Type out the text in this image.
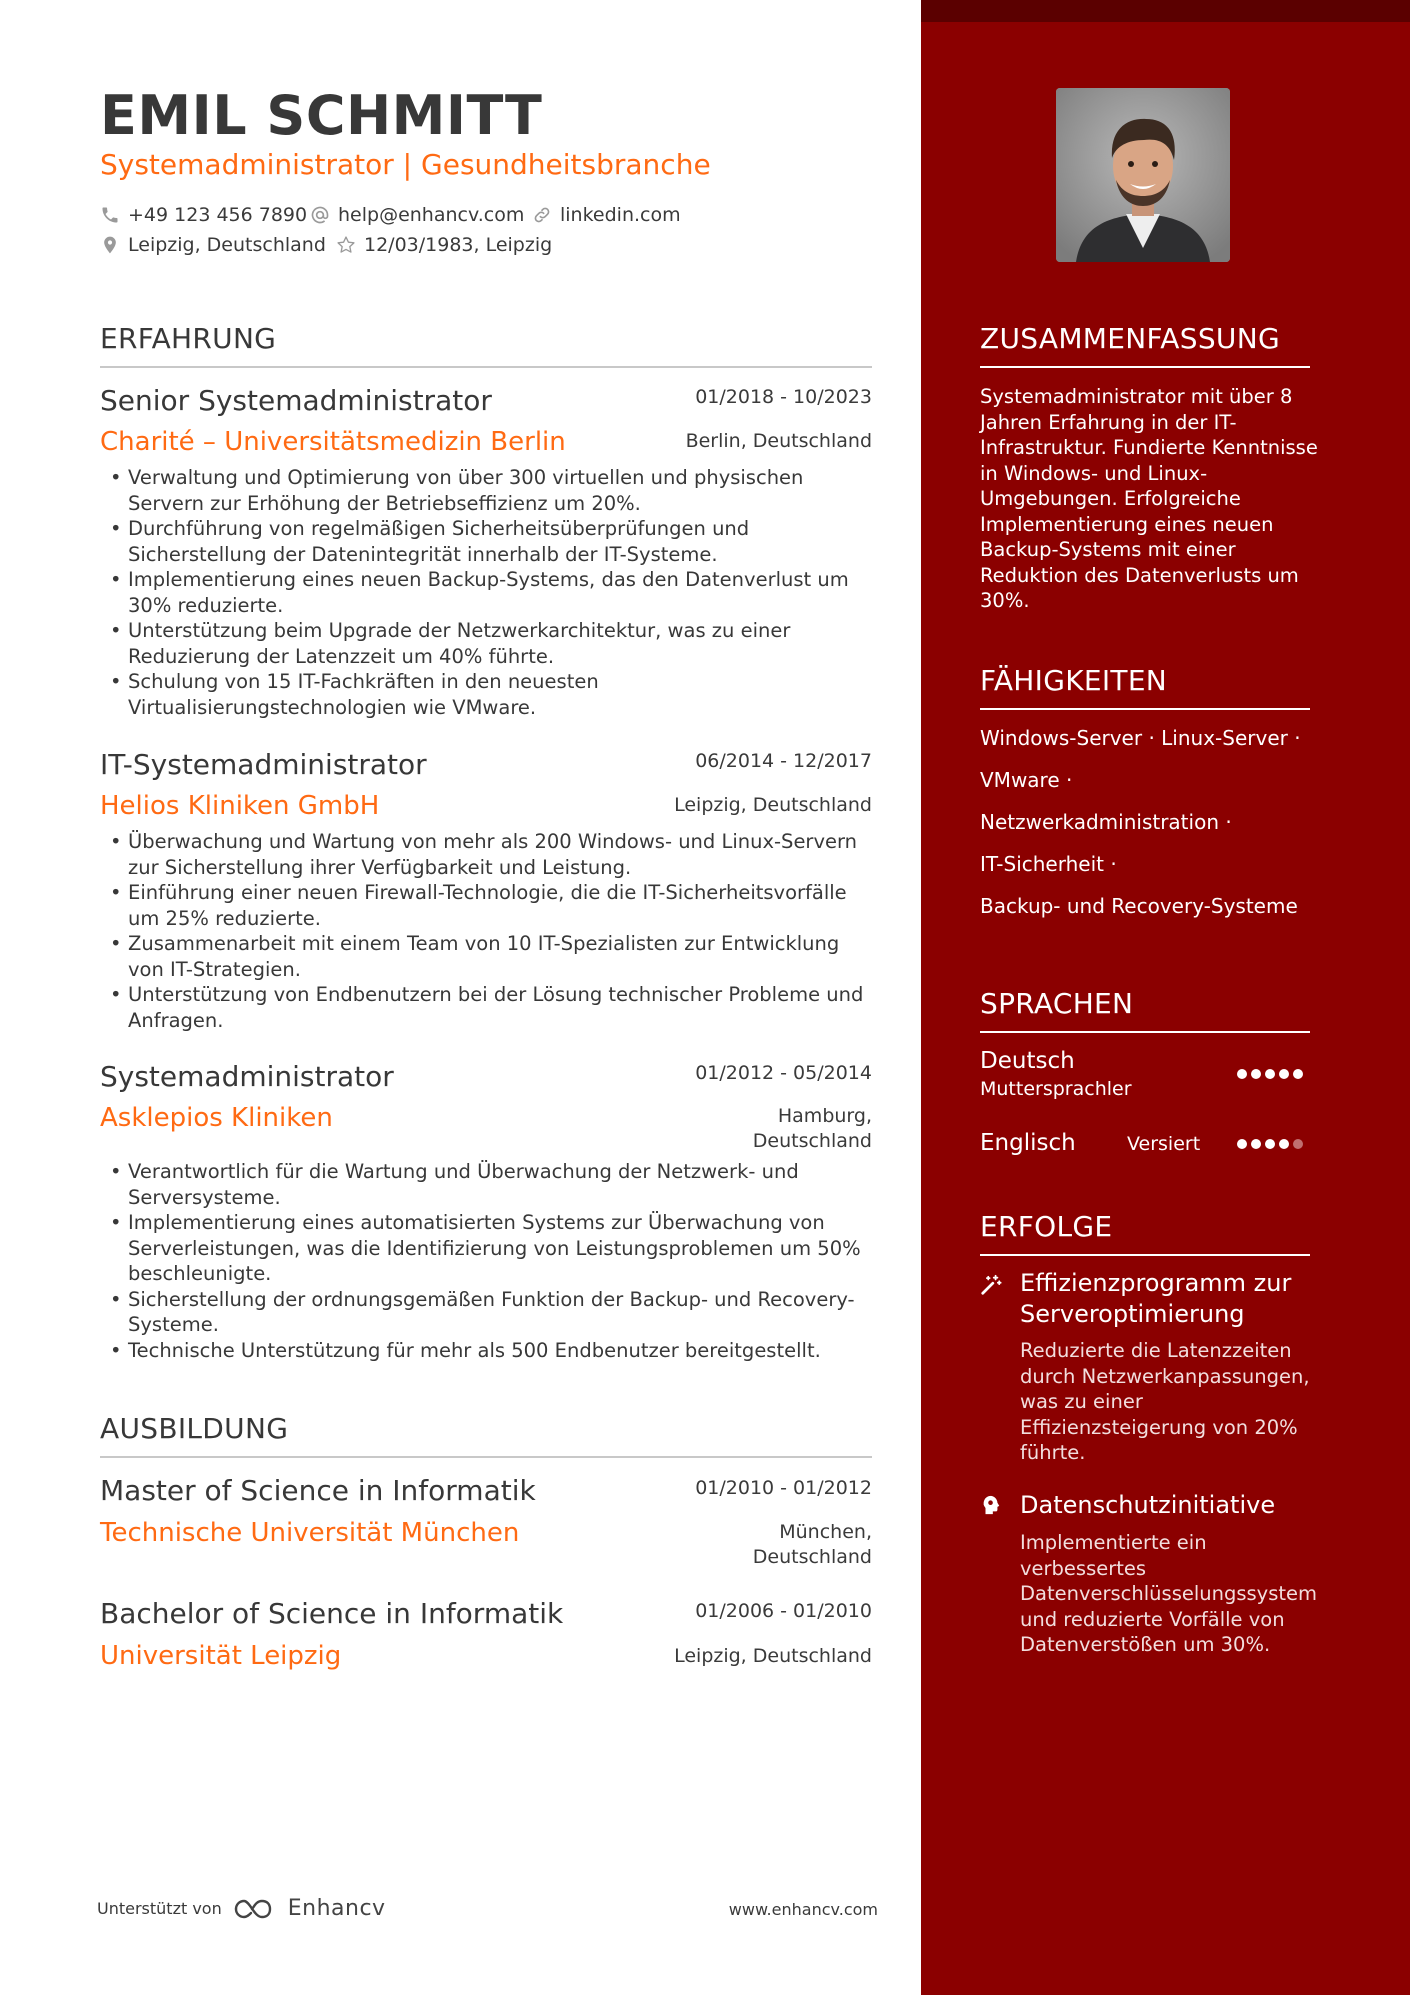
EMIL SCHMITT
Systemadministrator | Gesundheitsbranche
+49 123 456 7890 help@enhancv.com linkedin.com
Leipzig, Deutschland 12/03/1983, Leipzig
ERFAHRUNG
Senior Systemadministrator	01/2018 - 10/2023
Charité – Universitätsmedizin Berlin	Berlin, Deutschland
• Verwaltung und Optimierung von über 300 virtuellen und physischen Servern zur Erhöhung der Betriebseffizienz um 20%.
• Durchführung von regelmäßigen Sicherheitsüberprüfungen und Sicherstellung der Datenintegrität innerhalb der IT-Systeme.
• Implementierung eines neuen Backup-Systems, das den Datenverlust um 30% reduzierte.
• Unterstützung beim Upgrade der Netzwerkarchitektur, was zu einer Reduzierung der Latenzzeit um 40% führte.
• Schulung von 15 IT-Fachkräften in den neuesten Virtualisierungstechnologien wie VMware.
IT-Systemadministrator	06/2014 - 12/2017
Helios Kliniken GmbH	Leipzig, Deutschland
• Überwachung und Wartung von mehr als 200 Windows- und Linux-Servern zur Sicherstellung ihrer Verfügbarkeit und Leistung.
• Einführung einer neuen Firewall-Technologie, die die IT-Sicherheitsvorfälle um 25% reduzierte.
• Zusammenarbeit mit einem Team von 10 IT-Spezialisten zur Entwicklung von IT-Strategien.
• Unterstützung von Endbenutzern bei der Lösung technischer Probleme und Anfragen.
Systemadministrator	01/2012 - 05/2014
Asklepios Kliniken	Hamburg,
Deutschland
• Verantwortlich für die Wartung und Überwachung der Netzwerk- und Serversysteme.
• Implementierung eines automatisierten Systems zur Überwachung von Serverleistungen, was die Identifizierung von Leistungsproblemen um 50% beschleunigte.
• Sicherstellung der ordnungsgemäßen Funktion der Backup- und Recovery-Systeme.
• Technische Unterstützung für mehr als 500 Endbenutzer bereitgestellt.
AUSBILDUNG
Master of Science in Informatik	01/2010 - 01/2012
Technische Universität München	München,
Deutschland
Bachelor of Science in Informatik	01/2006 - 01/2010
Universität Leipzig	Leipzig, Deutschland
ZUSAMMENFASSUNG
Systemadministrator mit über 8 Jahren Erfahrung in der IT-Infrastruktur. Fundierte Kenntnisse in Windows- und Linux-Umgebungen. Erfolgreiche Implementierung eines neuen Backup-Systems mit einer Reduktion des Datenverlusts um 30%.
FÄHIGKEITEN
Windows-Server · Linux-Server ·
VMware ·
Netzwerkadministration ·
IT-Sicherheit ·
Backup- und Recovery-Systeme
SPRACHEN
Deutsch
Muttersprachler
Englisch	Versiert
ERFOLGE
Effizienzprogramm zur Serveroptimierung
Reduzierte die Latenzzeiten durch Netzwerkanpassungen, was zu einer Effizienzsteigerung von 20% führte.
Datenschutzinitiative
Implementierte ein verbessertes Datenverschlüsselungssystem und reduzierte Vorfälle von Datenverstößen um 30%.
Unterstützt von	Enhancv	www.enhancv.com
